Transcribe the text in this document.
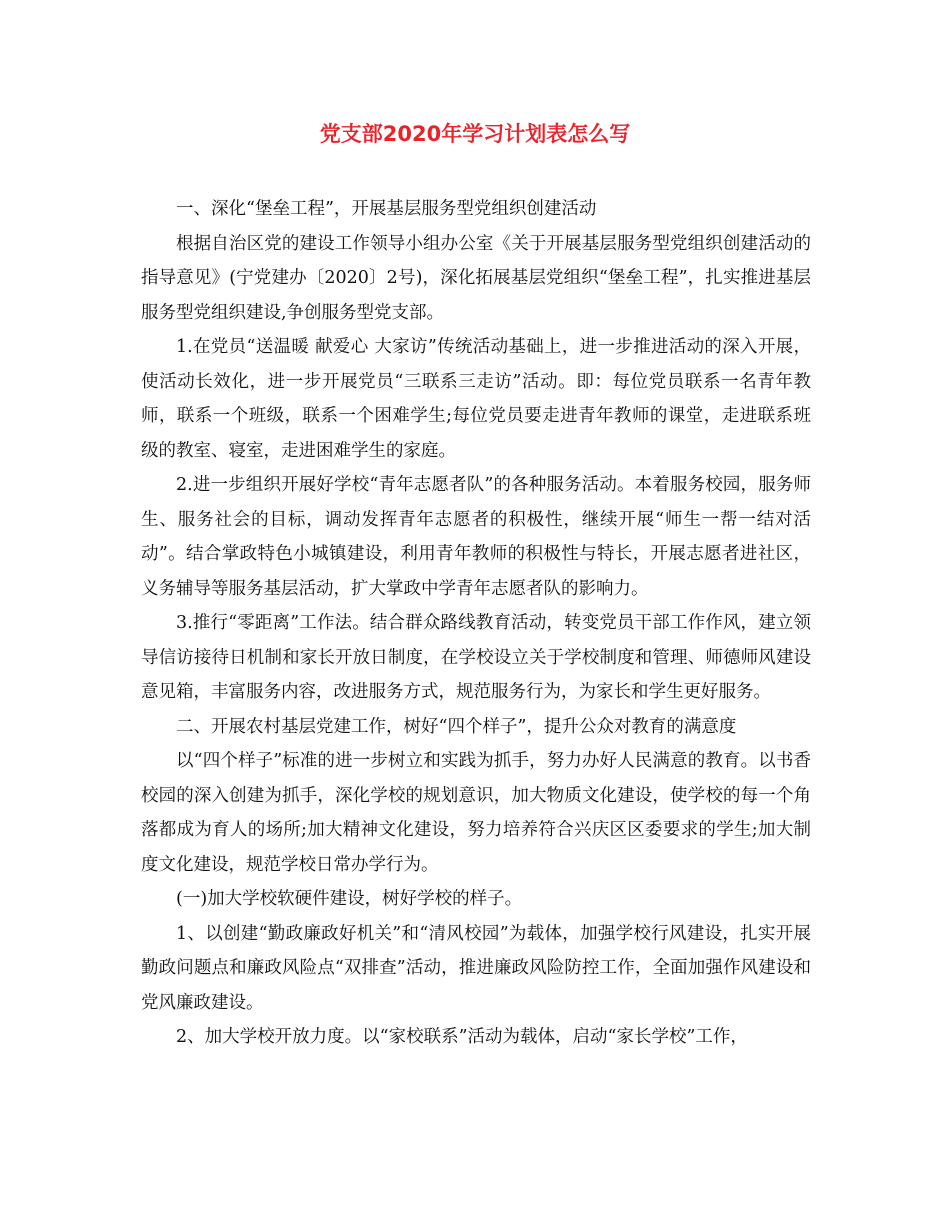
党支部2020年学习计划表怎么写

一、深化“堡垒工程”，开展基层服务型党组织创建活动

根据自治区党的建设工作领导小组办公室《关于开展基层服务型党组织创建活动的指导意见》(宁党建办〔2020〕2号)，深化拓展基层党组织“堡垒工程”，扎实推进基层服务型党组织建设,争创服务型党支部。

1.在党员“送温暖 献爱心 大家访”传统活动基础上，进一步推进活动的深入开展，使活动长效化，进一步开展党员“三联系三走访”活动。即：每位党员联系一名青年教师，联系一个班级，联系一个困难学生;每位党员要走进青年教师的课堂，走进联系班级的教室、寝室，走进困难学生的家庭。

2.进一步组织开展好学校“青年志愿者队”的各种服务活动。本着服务校园，服务师生、服务社会的目标，调动发挥青年志愿者的积极性，继续开展“师生一帮一结对活动”。结合掌政特色小城镇建设，利用青年教师的积极性与特长，开展志愿者进社区，义务辅导等服务基层活动，扩大掌政中学青年志愿者队的影响力。

3.推行“零距离”工作法。结合群众路线教育活动，转变党员干部工作作风，建立领导信访接待日机制和家长开放日制度，在学校设立关于学校制度和管理、师德师风建设意见箱，丰富服务内容，改进服务方式，规范服务行为，为家长和学生更好服务。

二、开展农村基层党建工作，树好“四个样子”，提升公众对教育的满意度

以“四个样子”标准的进一步树立和实践为抓手，努力办好人民满意的教育。以书香校园的深入创建为抓手，深化学校的规划意识，加大物质文化建设，使学校的每一个角落都成为育人的场所;加大精神文化建设，努力培养符合兴庆区区委要求的学生;加大制度文化建设，规范学校日常办学行为。

(一)加大学校软硬件建设，树好学校的样子。

1、以创建“勤政廉政好机关”和“清风校园”为载体，加强学校行风建设，扎实开展勤政问题点和廉政风险点“双排查”活动，推进廉政风险防控工作，全面加强作风建设和党风廉政建设。

2、加大学校开放力度。以“家校联系”活动为载体，启动“家长学校”工作，
